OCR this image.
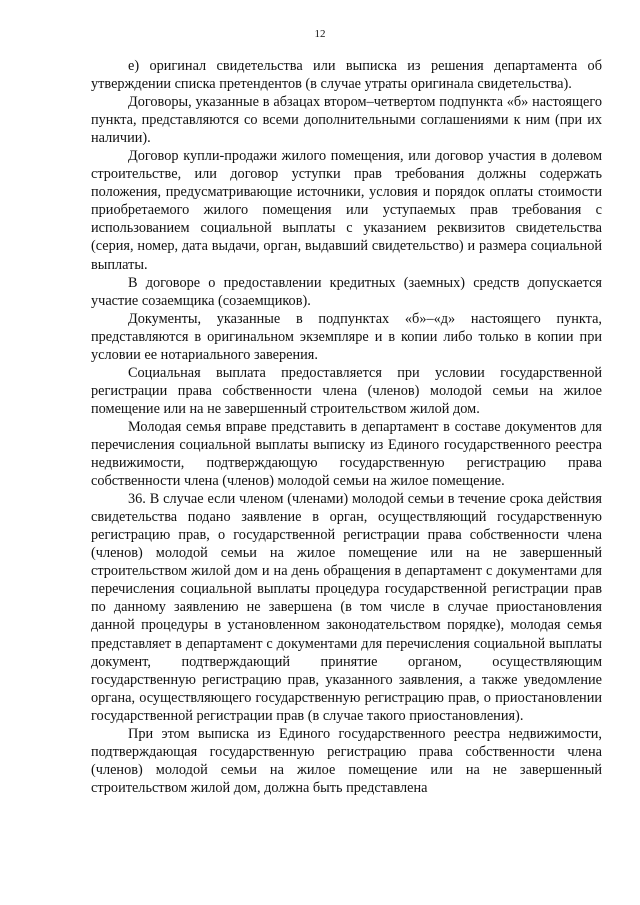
12

е) оригинал свидетельства или выписка из решения департамента об утверждении списка претендентов (в случае утраты оригинала свидетельства).

Договоры, указанные в абзацах втором–четвертом подпункта «б» настоящего пункта, представляются со всеми дополнительными соглашениями к ним (при их наличии).

Договор купли-продажи жилого помещения, или договор участия в долевом строительстве, или договор уступки прав требования должны содержать положения, предусматривающие источники, условия и порядок оплаты стоимости приобретаемого жилого помещения или уступаемых прав требования с использованием социальной выплаты с указанием реквизитов свидетельства (серия, номер, дата выдачи, орган, выдавший свидетельство) и размера социальной выплаты.

В договоре о предоставлении кредитных (заемных) средств допускается участие созаемщика (созаемщиков).

Документы, указанные в подпунктах «б»–«д» настоящего пункта, представляются в оригинальном экземпляре и в копии либо только в копии при условии ее нотариального заверения.

Социальная выплата предоставляется при условии государственной регистрации права собственности члена (членов) молодой семьи на жилое помещение или на не завершенный строительством жилой дом.

Молодая семья вправе представить в департамент в составе документов для перечисления социальной выплаты выписку из Единого государственного реестра недвижимости, подтверждающую государственную регистрацию права собственности члена (членов) молодой семьи на жилое помещение.

36. В случае если членом (членами) молодой семьи в течение срока действия свидетельства подано заявление в орган, осуществляющий государственную регистрацию прав, о государственной регистрации права собственности члена (членов) молодой семьи на жилое помещение или на не завершенный строительством жилой дом и на день обращения в департамент с документами для перечисления социальной выплаты процедура государственной регистрации прав по данному заявлению не завершена (в том числе в случае приостановления данной процедуры в установленном законодательством порядке), молодая семья представляет в департамент с документами для перечисления социальной выплаты документ, подтверждающий принятие органом, осуществляющим государственную регистрацию прав, указанного заявления, а также уведомление органа, осуществляющего государственную регистрацию прав, о приостановлении государственной регистрации прав (в случае такого приостановления).

При этом выписка из Единого государственного реестра недвижимости, подтверждающая государственную регистрацию права собственности члена (членов) молодой семьи на жилое помещение или на не завершенный строительством жилой дом, должна быть представлена
